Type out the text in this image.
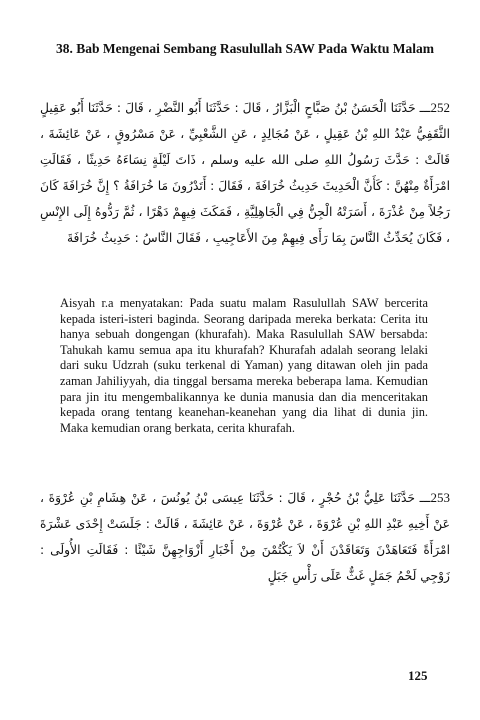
38. Bab Mengenai Sembang Rasulullah SAW Pada Waktu Malam
252ـــ حَدَّثَنَا الْحَسَنُ بْنُ صَبَّاحٍ الْبَزَّارُ ، قَالَ : حَدَّثَنَا أَبُو النَّضْرِ ، قَالَ : حَدَّثَنَا أَبُو عَقِيلٍ الثَّقَفِيُّ عَبْدُ اللهِ بْنُ عَقِيلٍ ، عَنْ مُجَالِدٍ ، عَنِ الشَّعْبِيِّ ، عَنْ مَسْرُوقٍ ، عَنْ عَائِشَةَ ، قَالَتْ : حَدَّثَ رَسُولُ اللهِ صلى الله عليه وسلم ، ذَاتَ لَيْلَةٍ نِسَاءَهُ حَدِيثًا ، فَقَالَتِ امْرَأَةٌ مِنْهُنَّ : كَأَنَّ الْحَدِيثَ حَدِيثُ خُرَافَةَ ، فَقَالَ : أَتَدْرُونَ مَا خُرَافَةُ ؟ إِنَّ خُرَافَةَ كَانَ رَجُلاً مِنْ عُذْرَةَ ، أَسَرَتْهُ الْجِنُّ فِي الْجَاهِلِيَّةِ ، فَمَكَثَ فِيهِمْ دَهْرًا ، ثُمَّ رَدُّوهُ إِلَى الإِنْسِ ، فَكَانَ يُحَدِّثُ النَّاسَ بِمَا رَأَى فِيهِمْ مِنَ الأَعَاجِيبِ ، فَقَالَ النَّاسُ : حَدِيثُ خُرَافَةَ
Aisyah r.a menyatakan: Pada suatu malam Rasulullah SAW bercerita kepada isteri-isteri baginda. Seorang daripada mereka berkata: Cerita itu hanya sebuah dongengan (khurafah). Maka Rasulullah SAW bersabda: Tahukah kamu semua apa itu khurafah? Khurafah adalah seorang lelaki dari suku Udzrah (suku terkenal di Yaman) yang ditawan oleh jin pada zaman Jahiliyyah, dia tinggal bersama mereka beberapa lama. Kemudian para jin itu mengembalikannya ke dunia manusia dan dia menceritakan kepada orang tentang keanehan-keanehan yang dia lihat di dunia jin. Maka kemudian orang berkata, cerita khurafah.
253ـــ حَدَّثَنَا عَلِيُّ بْنُ حُجْرٍ ، قَالَ : حَدَّثَنَا عِيسَى بْنُ يُونُسَ ، عَنْ هِشَامِ بْنِ عُرْوَةَ ، عَنْ أَخِيهِ عَبْدِ اللهِ بْنِ عُرْوَةَ ، عَنْ عُرْوَةَ ، عَنْ عَائِشَةَ ، قَالَتْ : جَلَسَتْ إِحْدَى عَشْرَةَ امْرَأَةً فَتَعَاهَدْنَ وَتَعَاقَدْنَ أَنْ لاَ يَكْتُمْنَ مِنْ أَخْبَارِ أَزْوَاجِهِنَّ شَيْئًا : فَقَالَتِ الأُولَى : زَوْجِي لَحْمُ جَمَلٍ غَثٌّ عَلَى رَأْسِ جَبَلٍ
125
